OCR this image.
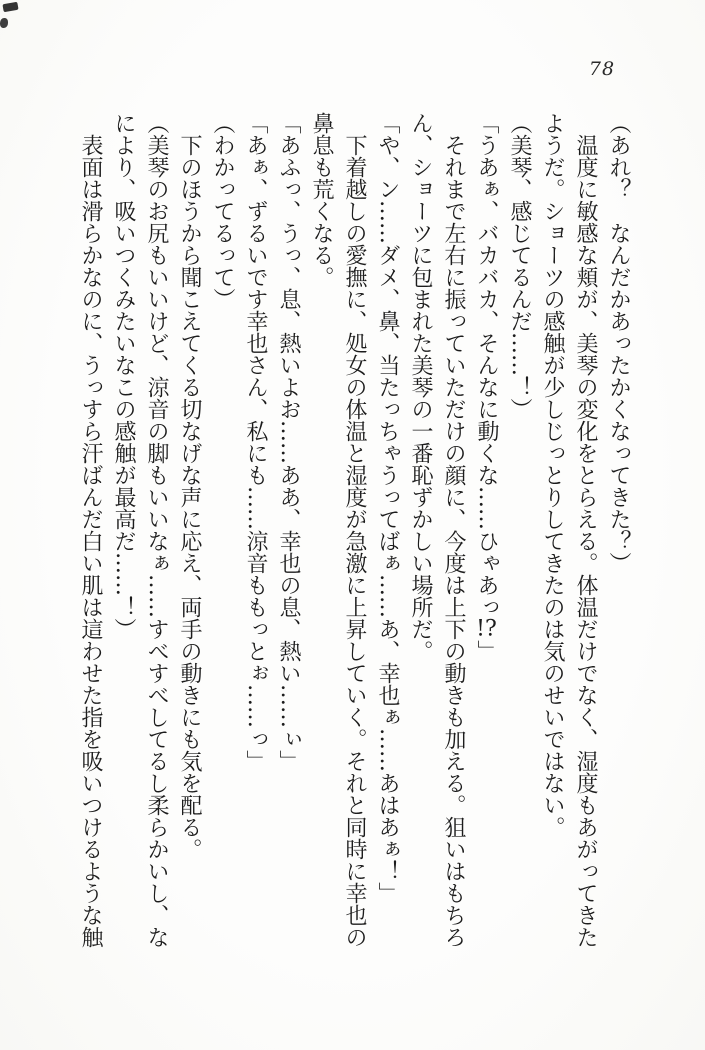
78

（あれ？　なんだかあったかくなってきた？）

温度に敏感な頬が、美琴の変化をとらえる。体温だけでなく、湿度もあがってきた

ようだ。ショーツの感触が少しじっとりしてきたのは気のせいではない。

（美琴、感じてるんだ……！）

「うあぁ、バカバカ、そんなに動くな……ひゃあっ!?」

それまで左右に振っていただけの顔に、今度は上下の動きも加える。狙いはもちろ

ん、ショーツに包まれた美琴の一番恥ずかしい場所だ。

「や、ン……ダメ、鼻、当たっちゃうってばぁ……あ、幸也ぁ……あはあぁ！」

下着越しの愛撫に、処女の体温と湿度が急激に上昇していく。それと同時に幸也の

鼻息も荒くなる。

「あふっ、うっ、息、熱いよお……ああ、幸也の息、熱い……ぃ」

「あぁ、ずるいです幸也さん、私にも……涼音ももっとぉ……っ」

（わかってるって）

下のほうから聞こえてくる切なげな声に応え、両手の動きにも気を配る。

（美琴のお尻もいいけど、涼音の脚もいいなぁ……すべすべしてるし柔らかいし、な

により、吸いつくみたいなこの感触が最高だ……！）

表面は滑らかなのに、うっすら汗ばんだ白い肌は這わせた指を吸いつけるような触
